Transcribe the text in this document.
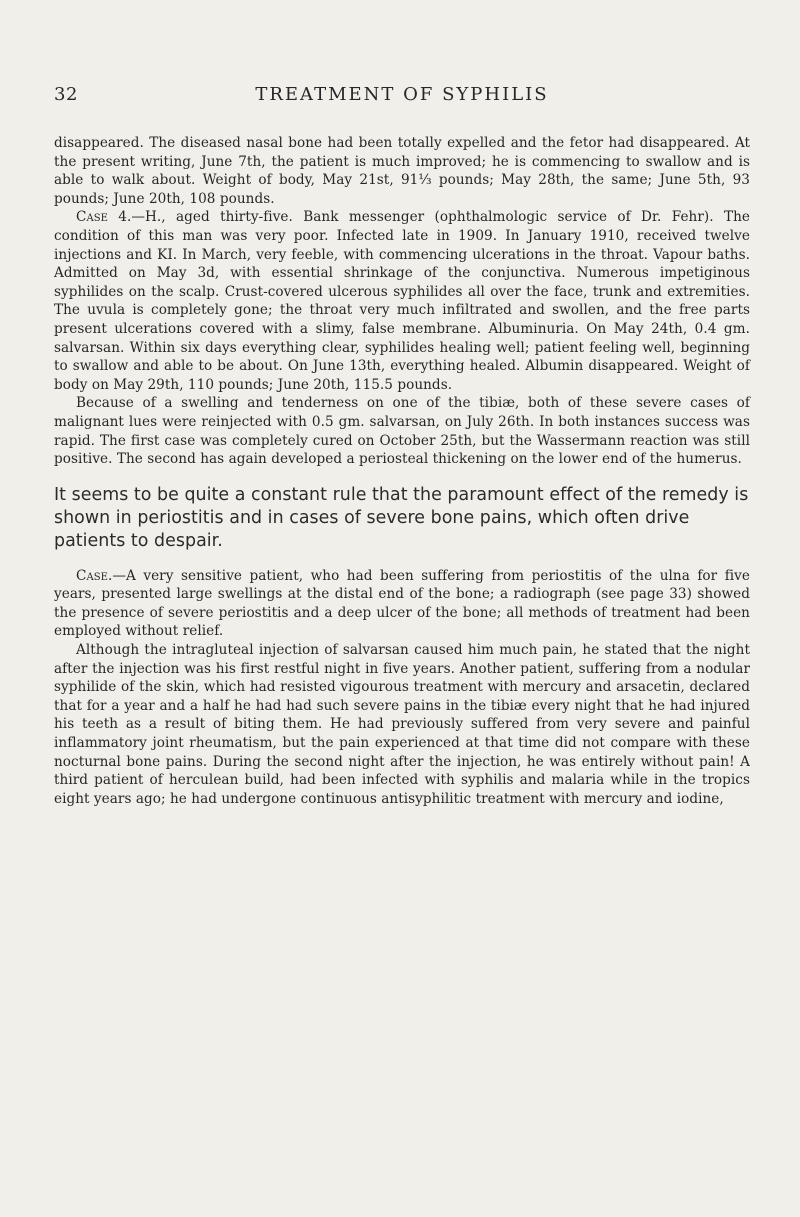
32	TREATMENT OF SYPHILIS

disappeared. The diseased nasal bone had been totally expelled and the fetor had disappeared. At the present writing, June 7th, the patient is much improved; he is commencing to swallow and is able to walk about. Weight of body, May 21st, 91⅓ pounds; May 28th, the same; June 5th, 93 pounds; June 20th, 108 pounds.

Case 4.—H., aged thirty-five. Bank messenger (ophthalmologic service of Dr. Fehr). The condition of this man was very poor. Infected late in 1909. In January 1910, received twelve injections and KI. In March, very feeble, with commencing ulcerations in the throat. Vapour baths. Admitted on May 3d, with essential shrinkage of the conjunctiva. Numerous impetiginous syphilides on the scalp. Crust-covered ulcerous syphilides all over the face, trunk and extremities. The uvula is completely gone; the throat very much infiltrated and swollen, and the free parts present ulcerations covered with a slimy, false membrane. Albuminuria. On May 24th, 0.4 gm. salvarsan. Within six days everything clear, syphilides healing well; patient feeling well, beginning to swallow and able to be about. On June 13th, everything healed. Albumin disappeared. Weight of body on May 29th, 110 pounds; June 20th, 115.5 pounds.

Because of a swelling and tenderness on one of the tibiæ, both of these severe cases of malignant lues were reinjected with 0.5 gm. salvarsan, on July 26th. In both instances success was rapid. The first case was completely cured on October 25th, but the Wassermann reaction was still positive. The second has again developed a periosteal thickening on the lower end of the humerus.

It seems to be quite a constant rule that the paramount effect of the remedy is shown in periostitis and in cases of severe bone pains, which often drive patients to despair.

Case.—A very sensitive patient, who had been suffering from periostitis of the ulna for five years, presented large swellings at the distal end of the bone; a radiograph (see page 33) showed the presence of severe periostitis and a deep ulcer of the bone; all methods of treatment had been employed without relief.

Although the intragluteal injection of salvarsan caused him much pain, he stated that the night after the injection was his first restful night in five years. Another patient, suffering from a nodular syphilide of the skin, which had resisted vigourous treatment with mercury and arsacetin, declared that for a year and a half he had had such severe pains in the tibiæ every night that he had injured his teeth as a result of biting them. He had previously suffered from very severe and painful inflammatory joint rheumatism, but the pain experienced at that time did not compare with these nocturnal bone pains. During the second night after the injection, he was entirely without pain! A third patient of herculean build, had been infected with syphilis and malaria while in the tropics eight years ago; he had undergone continuous antisyphilitic treatment with mercury and iodine,
